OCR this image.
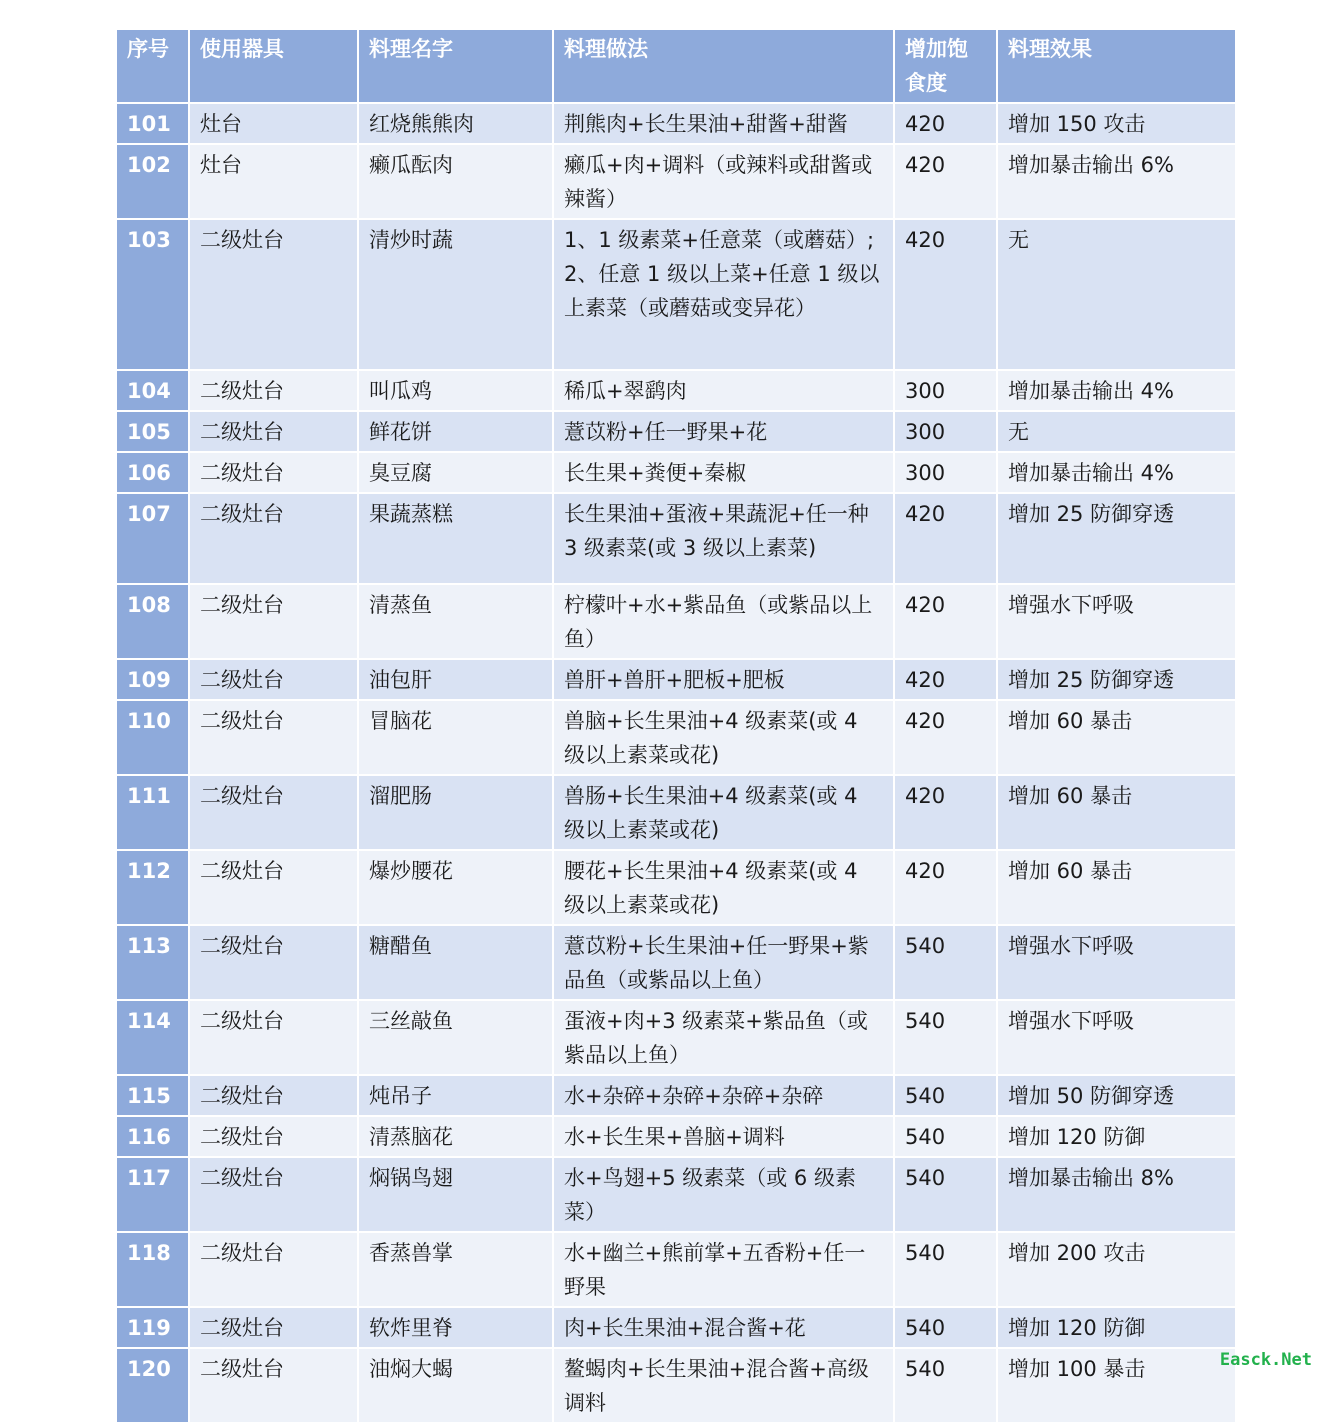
序号	使用器具	料理名字	料理做法	增加饱食度	料理效果
101	灶台	红烧熊熊肉	荆熊肉+长生果油+甜酱+甜酱	420	增加 150 攻击
102	灶台	癞瓜酝肉	癞瓜+肉+调料（或辣料或甜酱或辣酱）	420	增加暴击输出 6%
103	二级灶台	清炒时蔬	1、1 级素菜+任意菜（或蘑菇）;2、任意 1 级以上菜+任意 1 级以上素菜（或蘑菇或变异花）	420	无
104	二级灶台	叫瓜鸡	稀瓜+翠鹞肉	300	增加暴击输出 4%
105	二级灶台	鲜花饼	薏苡粉+任一野果+花	300	无
106	二级灶台	臭豆腐	长生果+粪便+秦椒	300	增加暴击输出 4%
107	二级灶台	果蔬蒸糕	长生果油+蛋液+果蔬泥+任一种 3 级素菜(或 3 级以上素菜)	420	增加 25 防御穿透
108	二级灶台	清蒸鱼	柠檬叶+水+紫品鱼（或紫品以上鱼）	420	增强水下呼吸
109	二级灶台	油包肝	兽肝+兽肝+肥板+肥板	420	增加 25 防御穿透
110	二级灶台	冒脑花	兽脑+长生果油+4 级素菜(或 4 级以上素菜或花)	420	增加 60 暴击
111	二级灶台	溜肥肠	兽肠+长生果油+4 级素菜(或 4 级以上素菜或花)	420	增加 60 暴击
112	二级灶台	爆炒腰花	腰花+长生果油+4 级素菜(或 4 级以上素菜或花)	420	增加 60 暴击
113	二级灶台	糖醋鱼	薏苡粉+长生果油+任一野果+紫品鱼（或紫品以上鱼）	540	增强水下呼吸
114	二级灶台	三丝敲鱼	蛋液+肉+3 级素菜+紫品鱼（或紫品以上鱼）	540	增强水下呼吸
115	二级灶台	炖吊子	水+杂碎+杂碎+杂碎+杂碎	540	增加 50 防御穿透
116	二级灶台	清蒸脑花	水+长生果+兽脑+调料	540	增加 120 防御
117	二级灶台	焖锅鸟翅	水+鸟翅+5 级素菜（或 6 级素菜）	540	增加暴击输出 8%
118	二级灶台	香蒸兽掌	水+幽兰+熊前掌+五香粉+任一野果	540	增加 200 攻击
119	二级灶台	软炸里脊	肉+长生果油+混合酱+花	540	增加 120 防御
120	二级灶台	油焖大蝎	鳌蝎肉+长生果油+混合酱+高级调料	540	增加 100 暴击	Easck.Net
